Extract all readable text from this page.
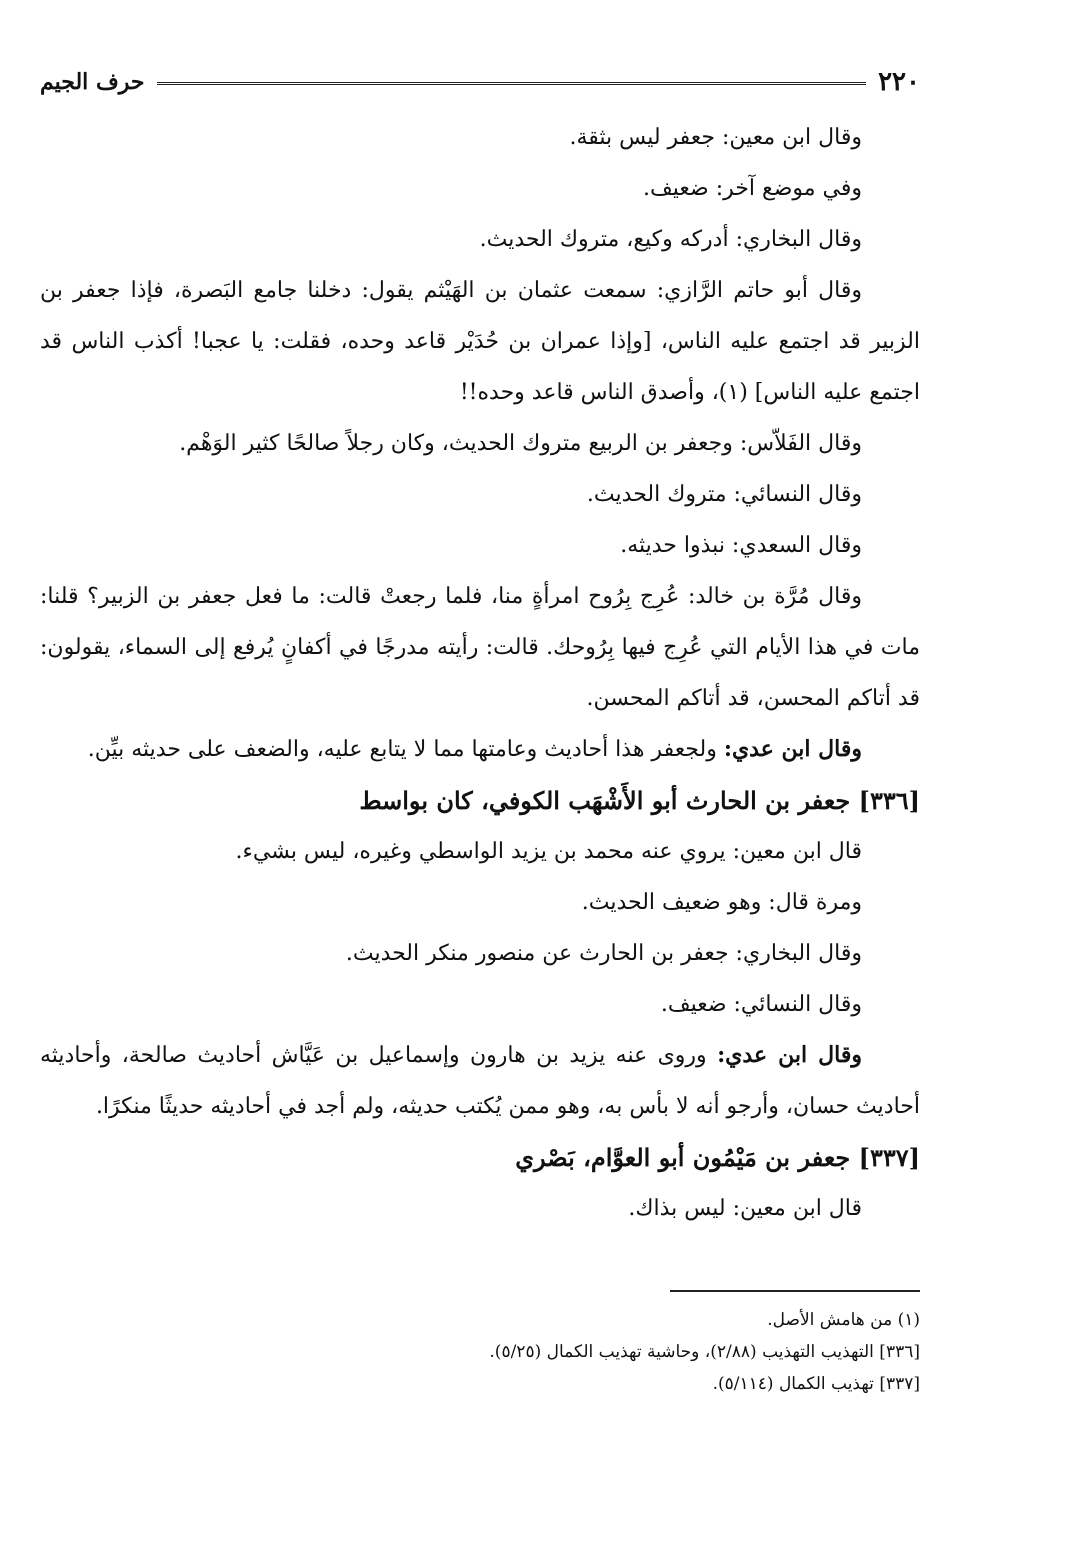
٢٢٠
حرف الجيم

وقال ابن معين: جعفر ليس بثقة.

وفي موضع آخر: ضعيف.

وقال البخاري: أدركه وكيع، متروك الحديث.

وقال أبو حاتم الرَّازي: سمعت عثمان بن الهَيْثم يقول: دخلنا جامع البَصرة، فإذا جعفر بن الزبير قد اجتمع عليه الناس، [وإذا عمران بن حُدَيْر قاعد وحده، فقلت: يا عجبا! أكذب الناس قد اجتمع عليه الناس] (١)، وأصدق الناس قاعد وحده!!

وقال الفَلاّس: وجعفر بن الربيع متروك الحديث، وكان رجلاً صالحًا كثير الوَهْم.

وقال النسائي: متروك الحديث.

وقال السعدي: نبذوا حديثه.

وقال مُرَّة بن خالد: عُرِج بِرُوح امرأةٍ منا، فلما رجعتْ قالت: ما فعل جعفر بن الزبير؟ قلنا: مات في هذا الأيام التي عُرِج فيها بِرُوحك. قالت: رأيته مدرجًا في أكفانٍ يُرفع إلى السماء، يقولون: قد أتاكم المحسن، قد أتاكم المحسن.

وقال ابن عدي: ولجعفر هذا أحاديث وعامتها مما لا يتابع عليه، والضعف على حديثه بيِّن.

[٣٣٦] جعفر بن الحارث أبو الأَشْهَب الكوفي، كان بواسط

قال ابن معين: يروي عنه محمد بن يزيد الواسطي وغيره، ليس بشيء.

ومرة قال: وهو ضعيف الحديث.

وقال البخاري: جعفر بن الحارث عن منصور منكر الحديث.

وقال النسائي: ضعيف.

وقال ابن عدي: وروى عنه يزيد بن هارون وإسماعيل بن عَيَّاش أحاديث صالحة، وأحاديثه أحاديث حسان، وأرجو أنه لا بأس به، وهو ممن يُكتب حديثه، ولم أجد في أحاديثه حديثًا منكرًا.

[٣٣٧] جعفر بن مَيْمُون أبو العوَّام، بَصْري

قال ابن معين: ليس بذاك.

(١) من هامش الأصل.

[٣٣٦] التهذيب التهذيب (٢/٨٨)، وحاشية تهذيب الكمال (٥/٢٥).

[٣٣٧] تهذيب الكمال (٥/١١٤).
